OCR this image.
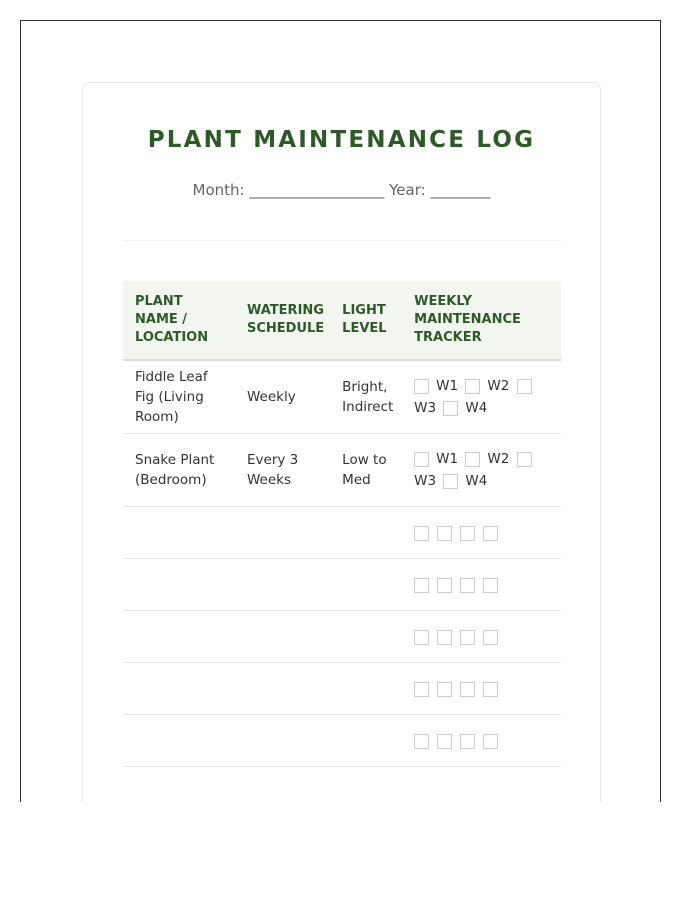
PLANT MAINTENANCE LOG
Month: __________________ Year: ________
PLANT NAME / LOCATION	WATERING SCHEDULE	LIGHT LEVEL	WEEKLY MAINTENANCE TRACKER
Fiddle Leaf Fig (Living Room)	Weekly	Bright, Indirect	W1 W2 W3 W4
Snake Plant (Bedroom)	Every 3 Weeks	Low to Med	W1 W2 W3 W4
